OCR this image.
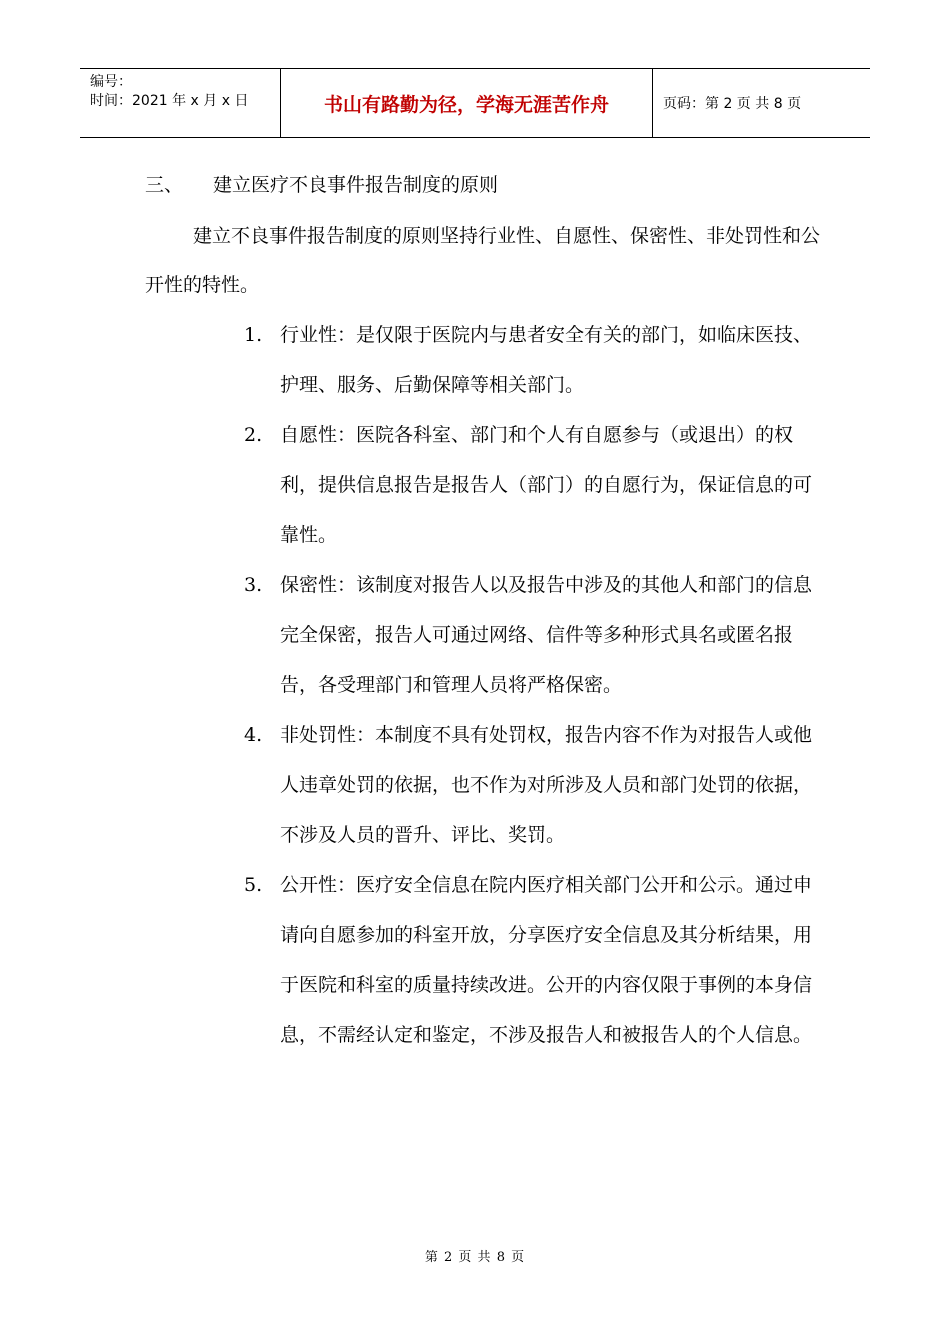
编号：
时间：2021 年 x 月 x 日	书山有路勤为径，学海无涯苦作舟	页码：第 2 页 共 8 页
三、 建立医疗不良事件报告制度的原则

建立不良事件报告制度的原则坚持行业性、自愿性、保密性、非处罚性和公开性的特性。

1. 行业性：是仅限于医院内与患者安全有关的部门，如临床医技、护理、服务、后勤保障等相关部门。
2. 自愿性：医院各科室、部门和个人有自愿参与（或退出）的权利，提供信息报告是报告人（部门）的自愿行为，保证信息的可靠性。
3. 保密性：该制度对报告人以及报告中涉及的其他人和部门的信息完全保密，报告人可通过网络、信件等多种形式具名或匿名报告，各受理部门和管理人员将严格保密。
4. 非处罚性：本制度不具有处罚权，报告内容不作为对报告人或他人违章处罚的依据，也不作为对所涉及人员和部门处罚的依据，不涉及人员的晋升、评比、奖罚。
5. 公开性：医疗安全信息在院内医疗相关部门公开和公示。通过申请向自愿参加的科室开放，分享医疗安全信息及其分析结果，用于医院和科室的质量持续改进。公开的内容仅限于事例的本身信息，不需经认定和鉴定，不涉及报告人和被报告人的个人信息。
第 2 页 共 8 页
